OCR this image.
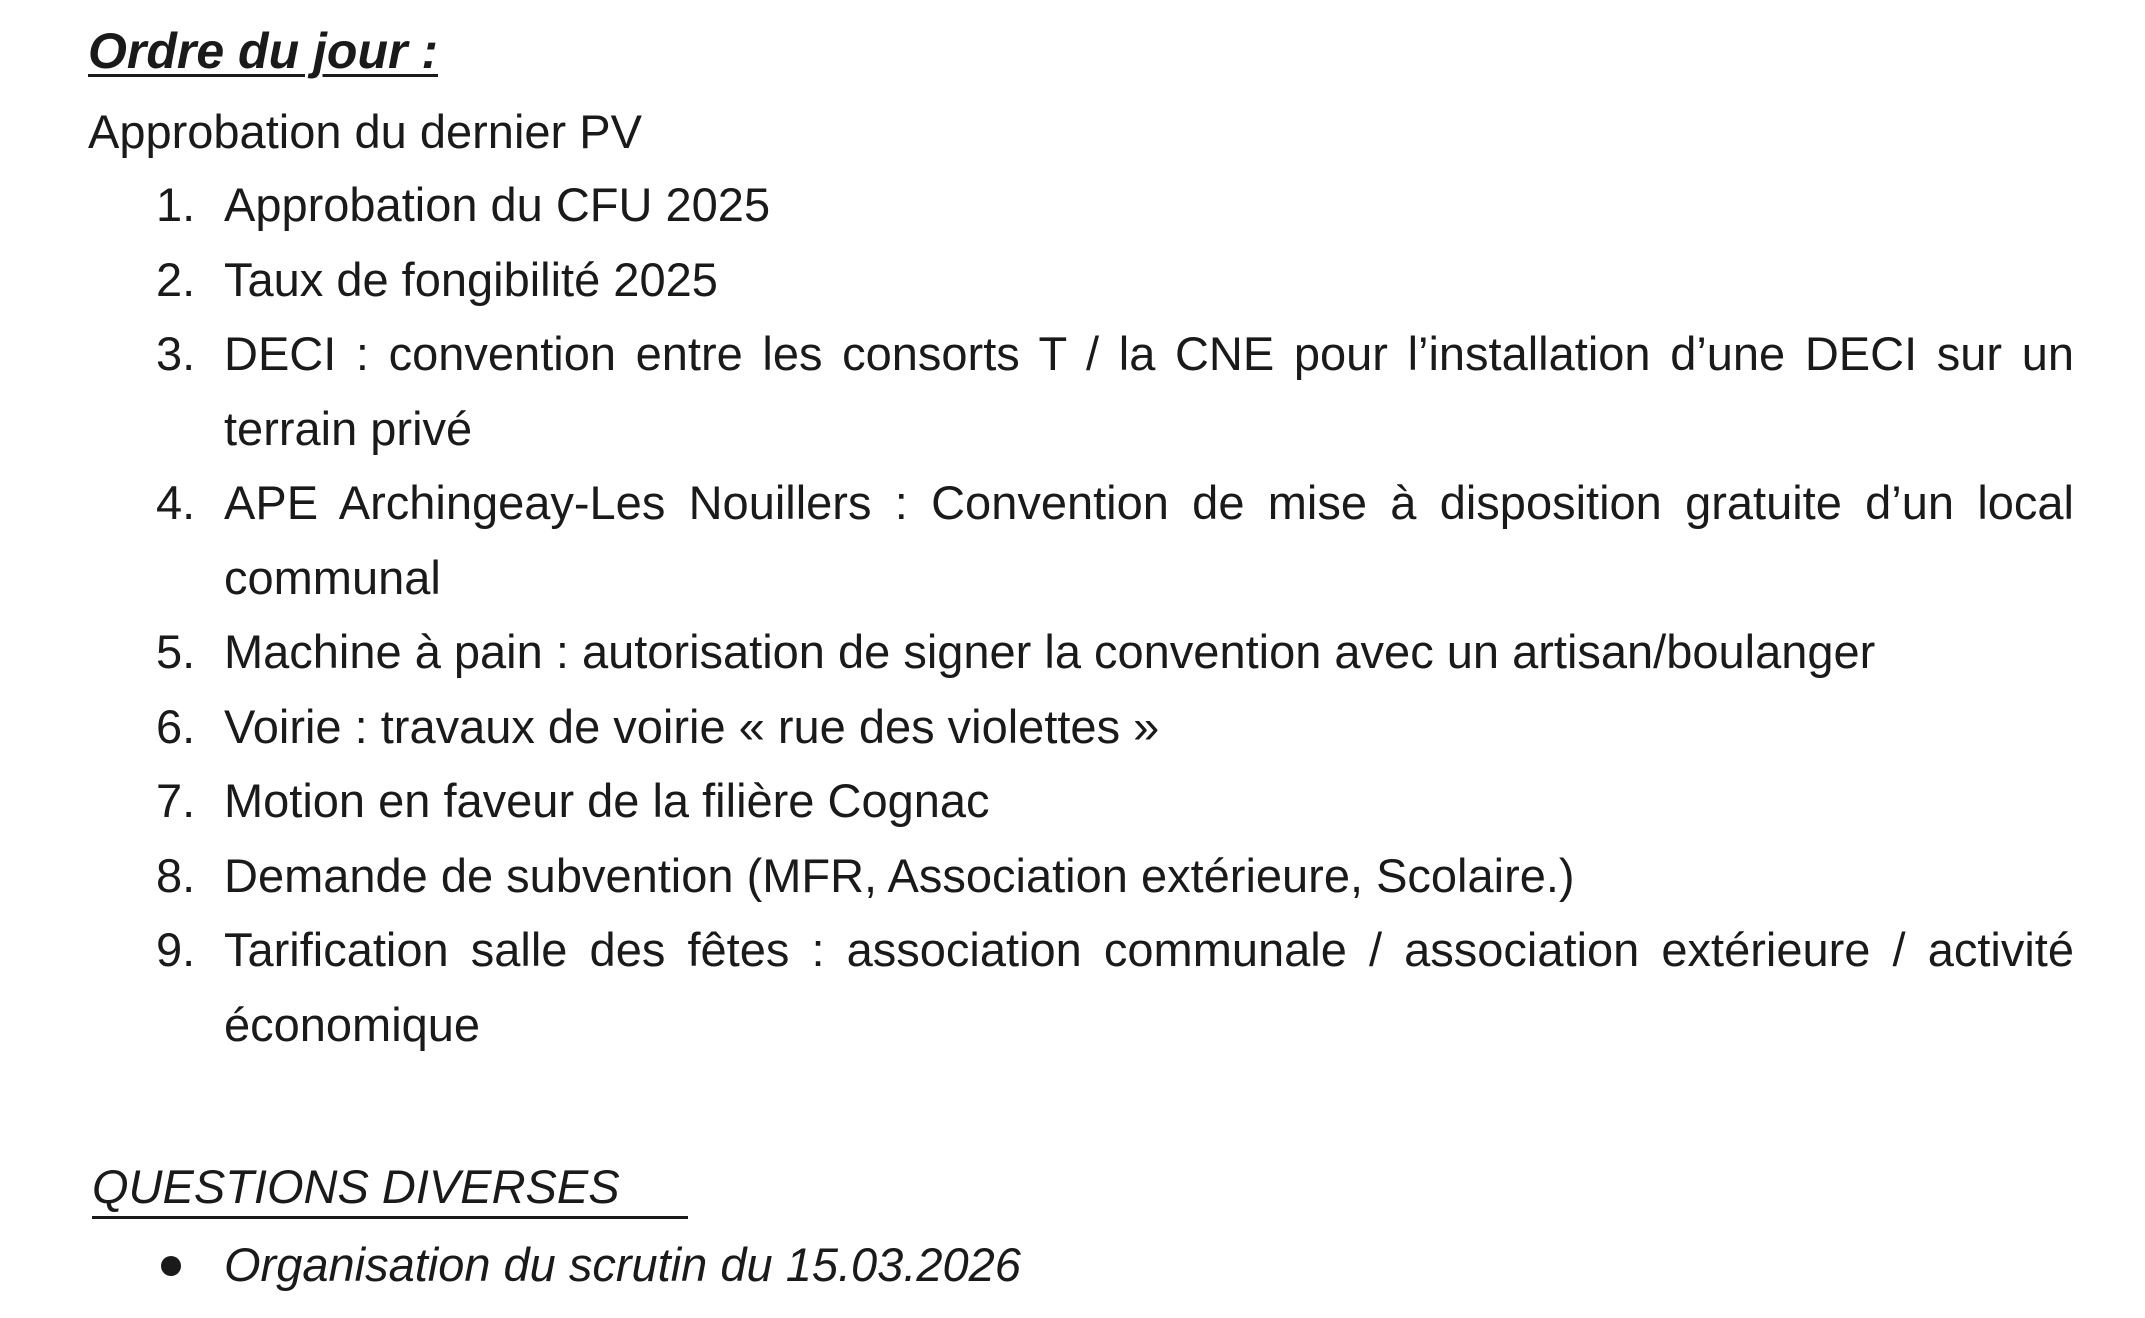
Ordre du jour :
Approbation du dernier PV
1. Approbation du CFU 2025
2. Taux de fongibilité 2025
3. DECI : convention entre les consorts T / la CNE pour l’installation d’une DECI sur un terrain privé
4. APE Archingeay-Les Nouillers : Convention de mise à disposition gratuite d’un local communal
5. Machine à pain : autorisation de signer la convention avec un artisan/boulanger
6. Voirie : travaux de voirie « rue des violettes »
7. Motion en faveur de la filière Cognac
8. Demande de subvention (MFR, Association extérieure, Scolaire.)
9. Tarification salle des fêtes : association communale / association extérieure / activité économique
QUESTIONS DIVERSES
Organisation du scrutin du 15.03.2026
